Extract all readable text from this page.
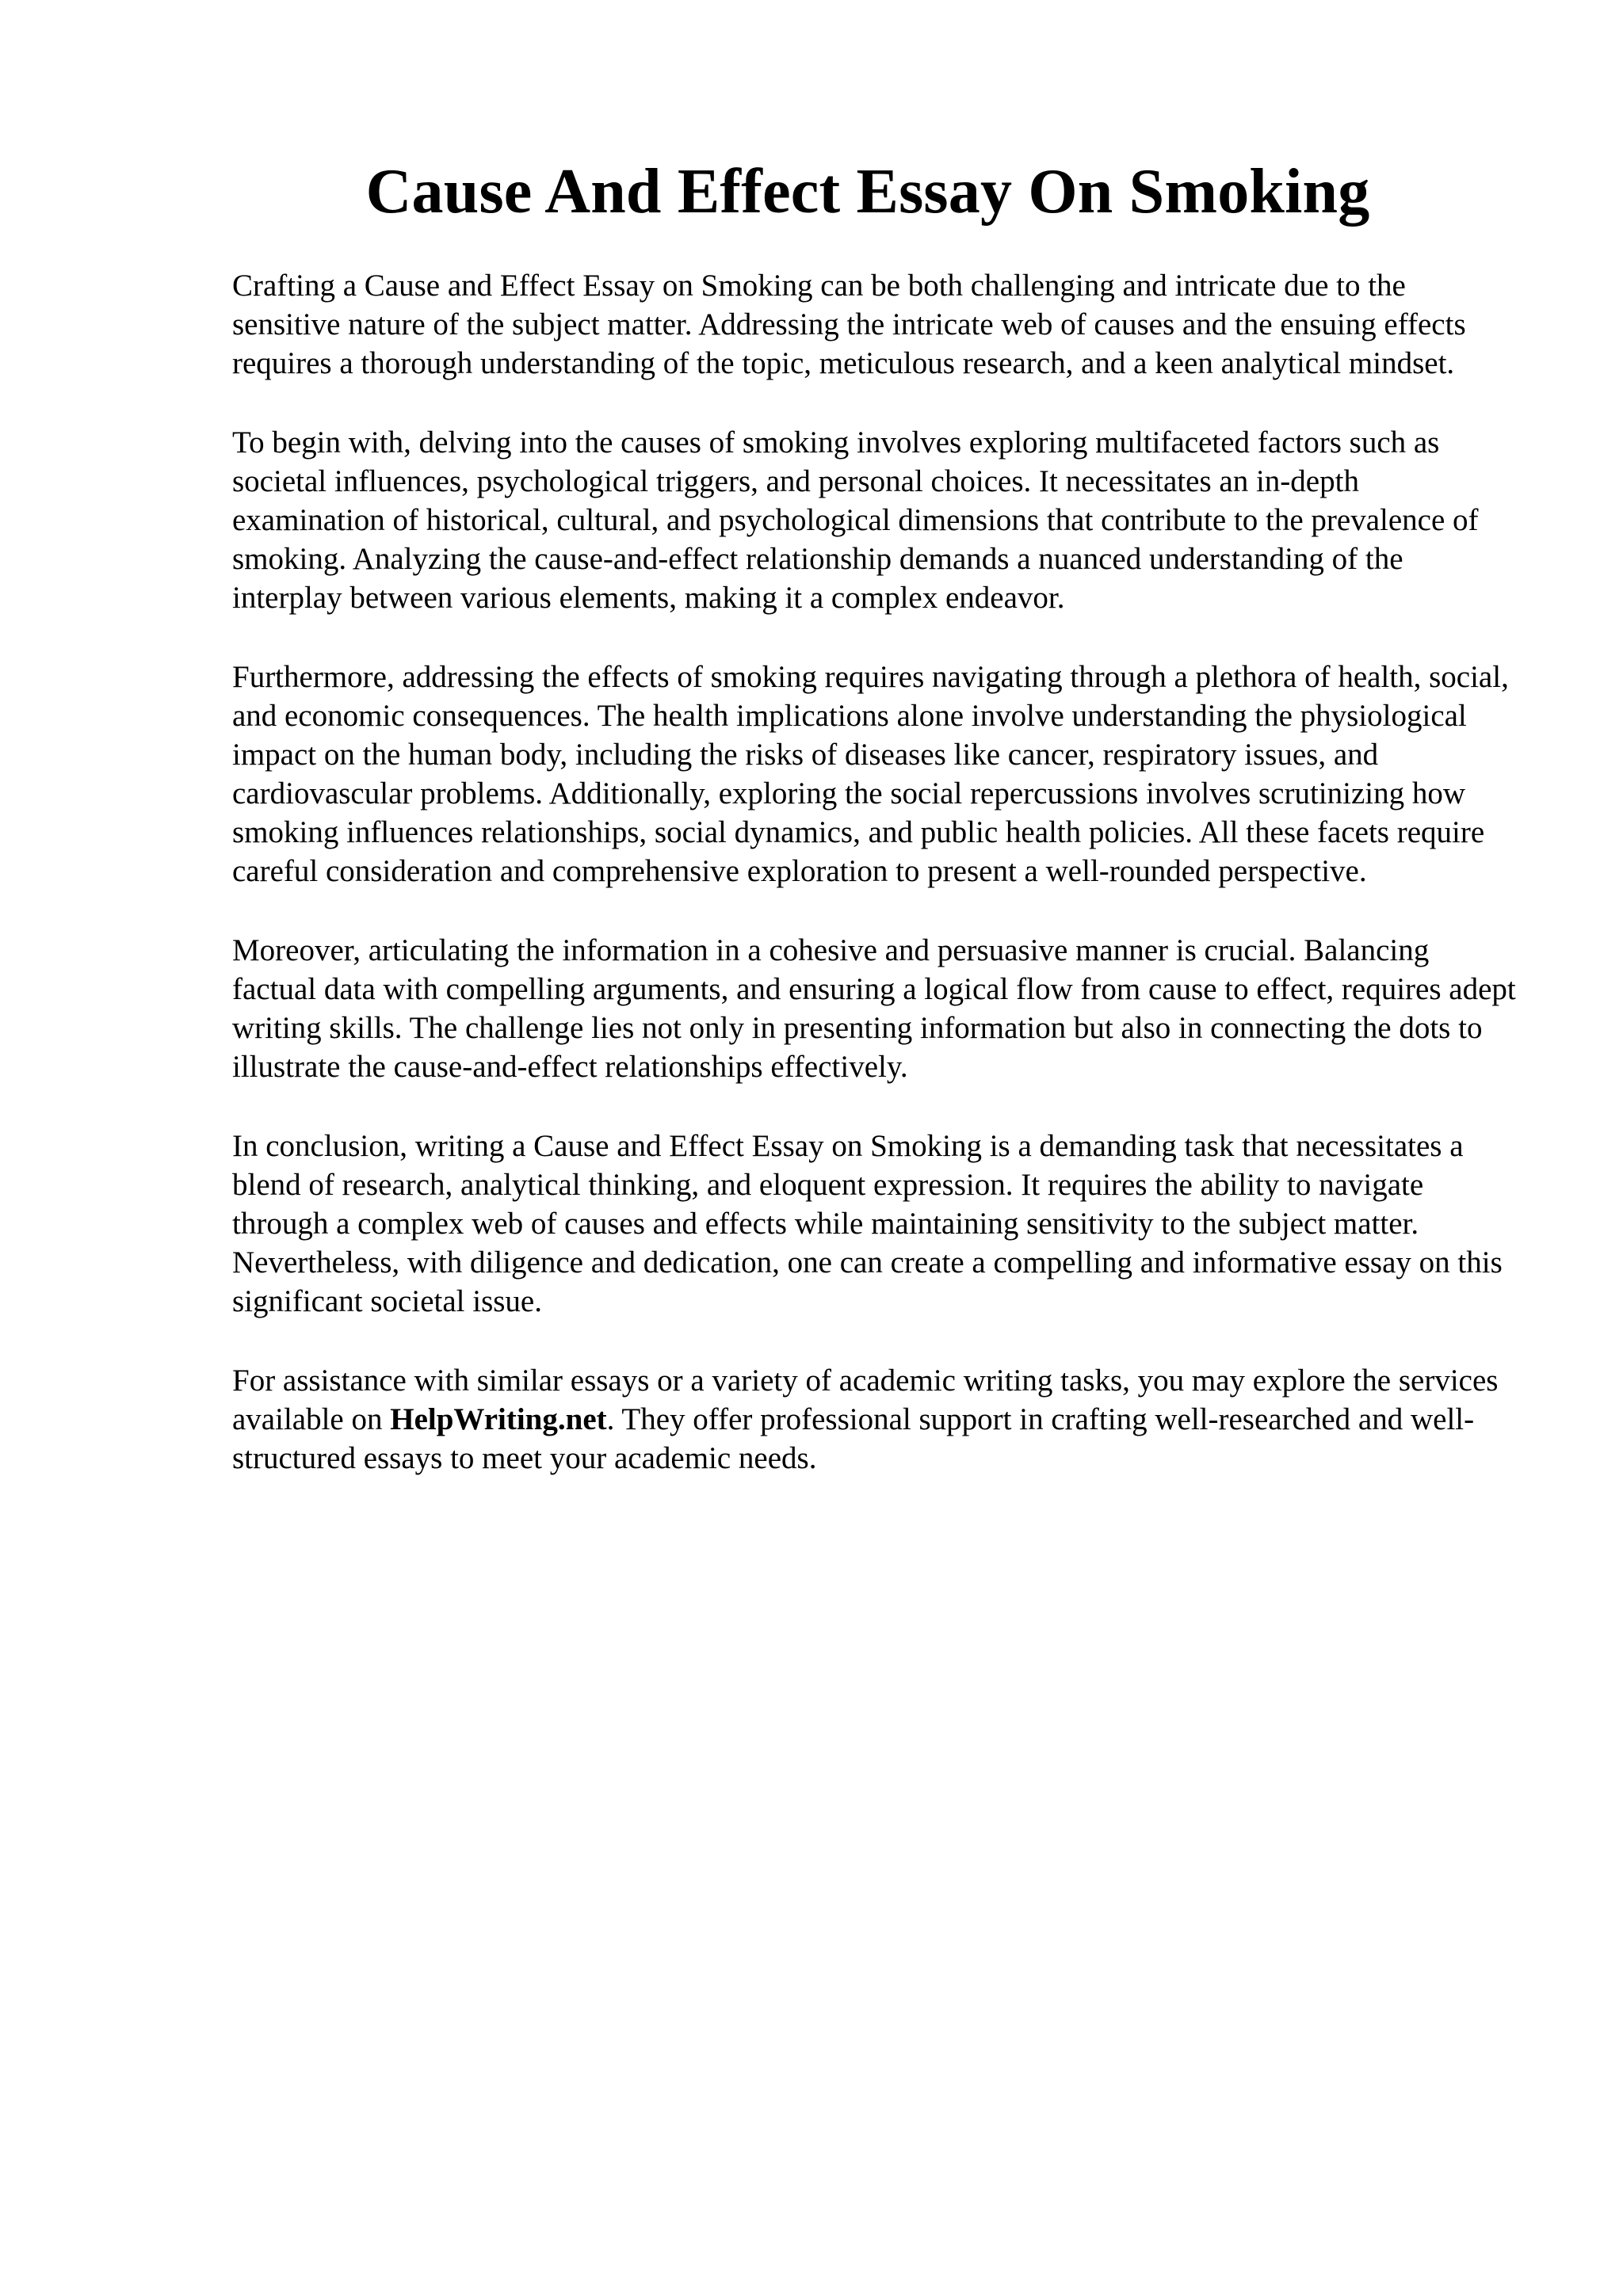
Cause And Effect Essay On Smoking

Crafting a Cause and Effect Essay on Smoking can be both challenging and intricate due to the sensitive nature of the subject matter. Addressing the intricate web of causes and the ensuing effects requires a thorough understanding of the topic, meticulous research, and a keen analytical mindset.

To begin with, delving into the causes of smoking involves exploring multifaceted factors such as societal influences, psychological triggers, and personal choices. It necessitates an in-depth examination of historical, cultural, and psychological dimensions that contribute to the prevalence of smoking. Analyzing the cause-and-effect relationship demands a nuanced understanding of the interplay between various elements, making it a complex endeavor.

Furthermore, addressing the effects of smoking requires navigating through a plethora of health, social, and economic consequences. The health implications alone involve understanding the physiological impact on the human body, including the risks of diseases like cancer, respiratory issues, and cardiovascular problems. Additionally, exploring the social repercussions involves scrutinizing how smoking influences relationships, social dynamics, and public health policies. All these facets require careful consideration and comprehensive exploration to present a well-rounded perspective.

Moreover, articulating the information in a cohesive and persuasive manner is crucial. Balancing factual data with compelling arguments, and ensuring a logical flow from cause to effect, requires adept writing skills. The challenge lies not only in presenting information but also in connecting the dots to illustrate the cause-and-effect relationships effectively.

In conclusion, writing a Cause and Effect Essay on Smoking is a demanding task that necessitates a blend of research, analytical thinking, and eloquent expression. It requires the ability to navigate through a complex web of causes and effects while maintaining sensitivity to the subject matter. Nevertheless, with diligence and dedication, one can create a compelling and informative essay on this significant societal issue.

For assistance with similar essays or a variety of academic writing tasks, you may explore the services available on HelpWriting.net. They offer professional support in crafting well-researched and well-structured essays to meet your academic needs.
